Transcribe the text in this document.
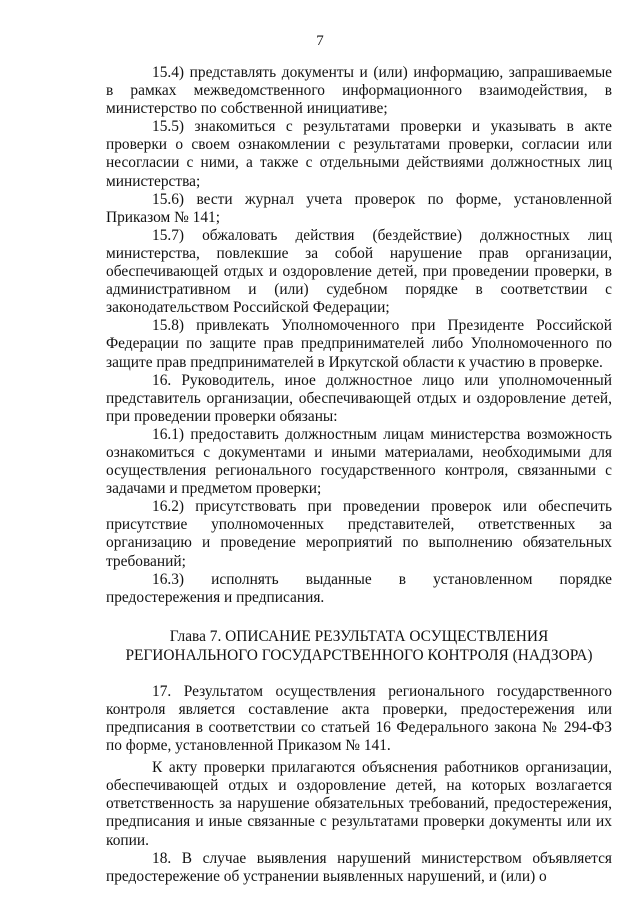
7

15.4) представлять документы и (или) информацию, запрашиваемые в рамках межведомственного информационного взаимодействия, в министерство по собственной инициативе;

15.5) знакомиться с результатами проверки и указывать в акте проверки о своем ознакомлении с результатами проверки, согласии или несогласии с ними, а также с отдельными действиями должностных лиц министерства;

15.6) вести журнал учета проверок по форме, установленной Приказом № 141;

15.7) обжаловать действия (бездействие) должностных лиц министерства, повлекшие за собой нарушение прав организации, обеспечивающей отдых и оздоровление детей, при проведении проверки, в административном и (или) судебном порядке в соответствии с законодательством Российской Федерации;

15.8) привлекать Уполномоченного при Президенте Российской Федерации по защите прав предпринимателей либо Уполномоченного по защите прав предпринимателей в Иркутской области к участию в проверке.

16. Руководитель, иное должностное лицо или уполномоченный представитель организации, обеспечивающей отдых и оздоровление детей, при проведении проверки обязаны:

16.1) предоставить должностным лицам министерства возможность ознакомиться с документами и иными материалами, необходимыми для осуществления регионального государственного контроля, связанными с задачами и предметом проверки;

16.2) присутствовать при проведении проверок или обеспечить присутствие уполномоченных представителей, ответственных за организацию и проведение мероприятий по выполнению обязательных требований;

16.3) исполнять выданные в установленном порядке предостережения и предписания.

Глава 7. ОПИСАНИЕ РЕЗУЛЬТАТА ОСУЩЕСТВЛЕНИЯ
РЕГИОНАЛЬНОГО ГОСУДАРСТВЕННОГО КОНТРОЛЯ (НАДЗОРА)

17. Результатом осуществления регионального государственного контроля является составление акта проверки, предостережения или предписания в соответствии со статьей 16 Федерального закона № 294-ФЗ по форме, установленной Приказом № 141.

К акту проверки прилагаются объяснения работников организации, обеспечивающей отдых и оздоровление детей, на которых возлагается ответственность за нарушение обязательных требований, предостережения, предписания и иные связанные с результатами проверки документы или их копии.

18. В случае выявления нарушений министерством объявляется предостережение об устранении выявленных нарушений, и (или) о
